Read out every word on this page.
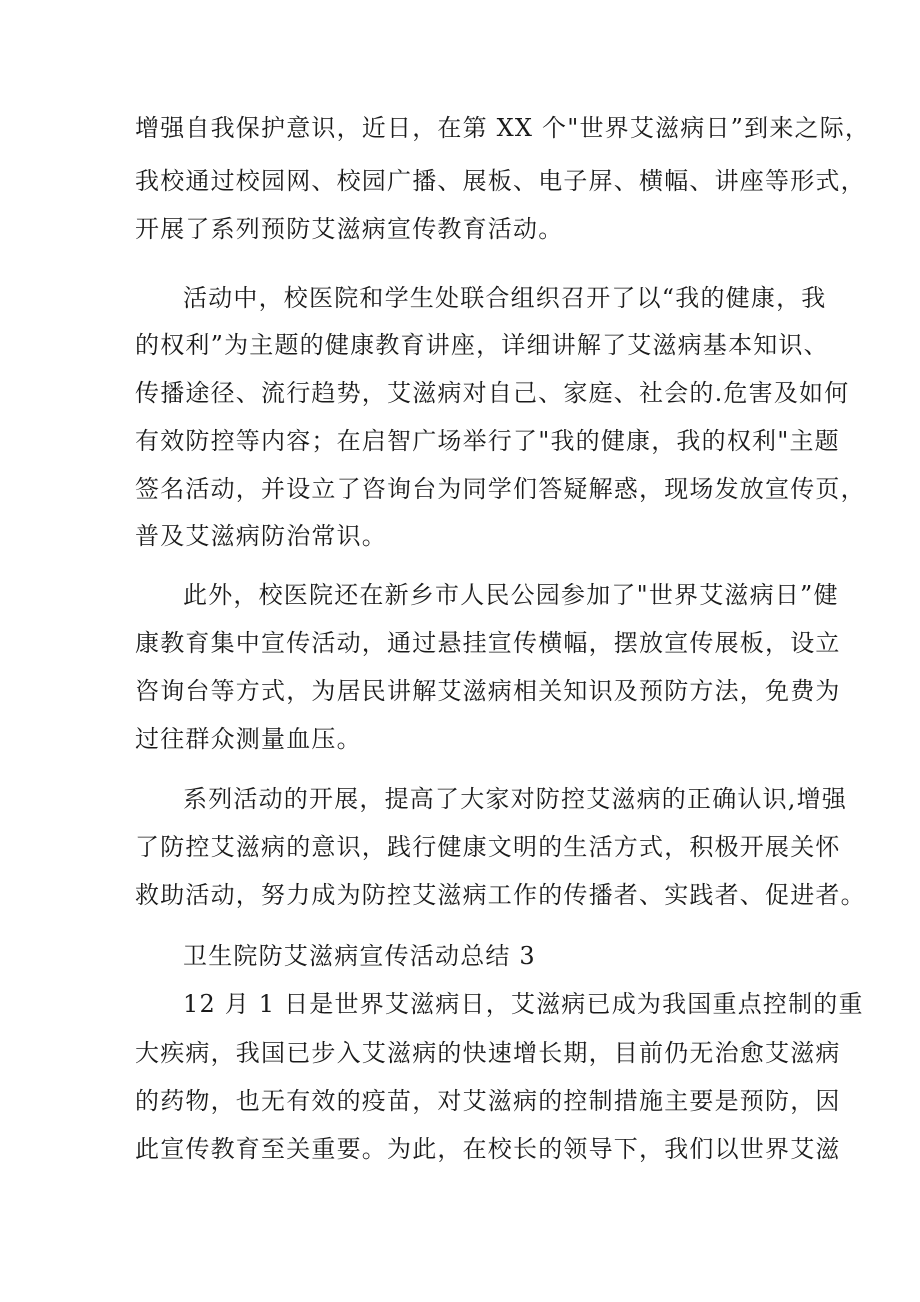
增强自我保护意识，近日，在第 XX 个"世界艾滋病日”到来之际，
我校通过校园网、校园广播、展板、电子屏、横幅、讲座等形式，
开展了系列预防艾滋病宣传教育活动。
活动中，校医院和学生处联合组织召开了以“我的健康，我
的权利”为主题的健康教育讲座，详细讲解了艾滋病基本知识、
传播途径、流行趋势，艾滋病对自己、家庭、社会的.危害及如何
有效防控等内容；在启智广场举行了"我的健康，我的权利"主题
签名活动，并设立了咨询台为同学们答疑解惑，现场发放宣传页，
普及艾滋病防治常识。
此外，校医院还在新乡市人民公园参加了"世界艾滋病日”健
康教育集中宣传活动，通过悬挂宣传横幅，摆放宣传展板，设立
咨询台等方式，为居民讲解艾滋病相关知识及预防方法，免费为
过往群众测量血压。
系列活动的开展，提高了大家对防控艾滋病的正确认识,增强
了防控艾滋病的意识，践行健康文明的生活方式，积极开展关怀
救助活动，努力成为防控艾滋病工作的传播者、实践者、促进者。
卫生院防艾滋病宣传活动总结 3
12 月 1 日是世界艾滋病日，艾滋病已成为我国重点控制的重
大疾病，我国已步入艾滋病的快速增长期，目前仍无治愈艾滋病
的药物，也无有效的疫苗，对艾滋病的控制措施主要是预防，因
此宣传教育至关重要。为此，在校长的领导下，我们以世界艾滋
